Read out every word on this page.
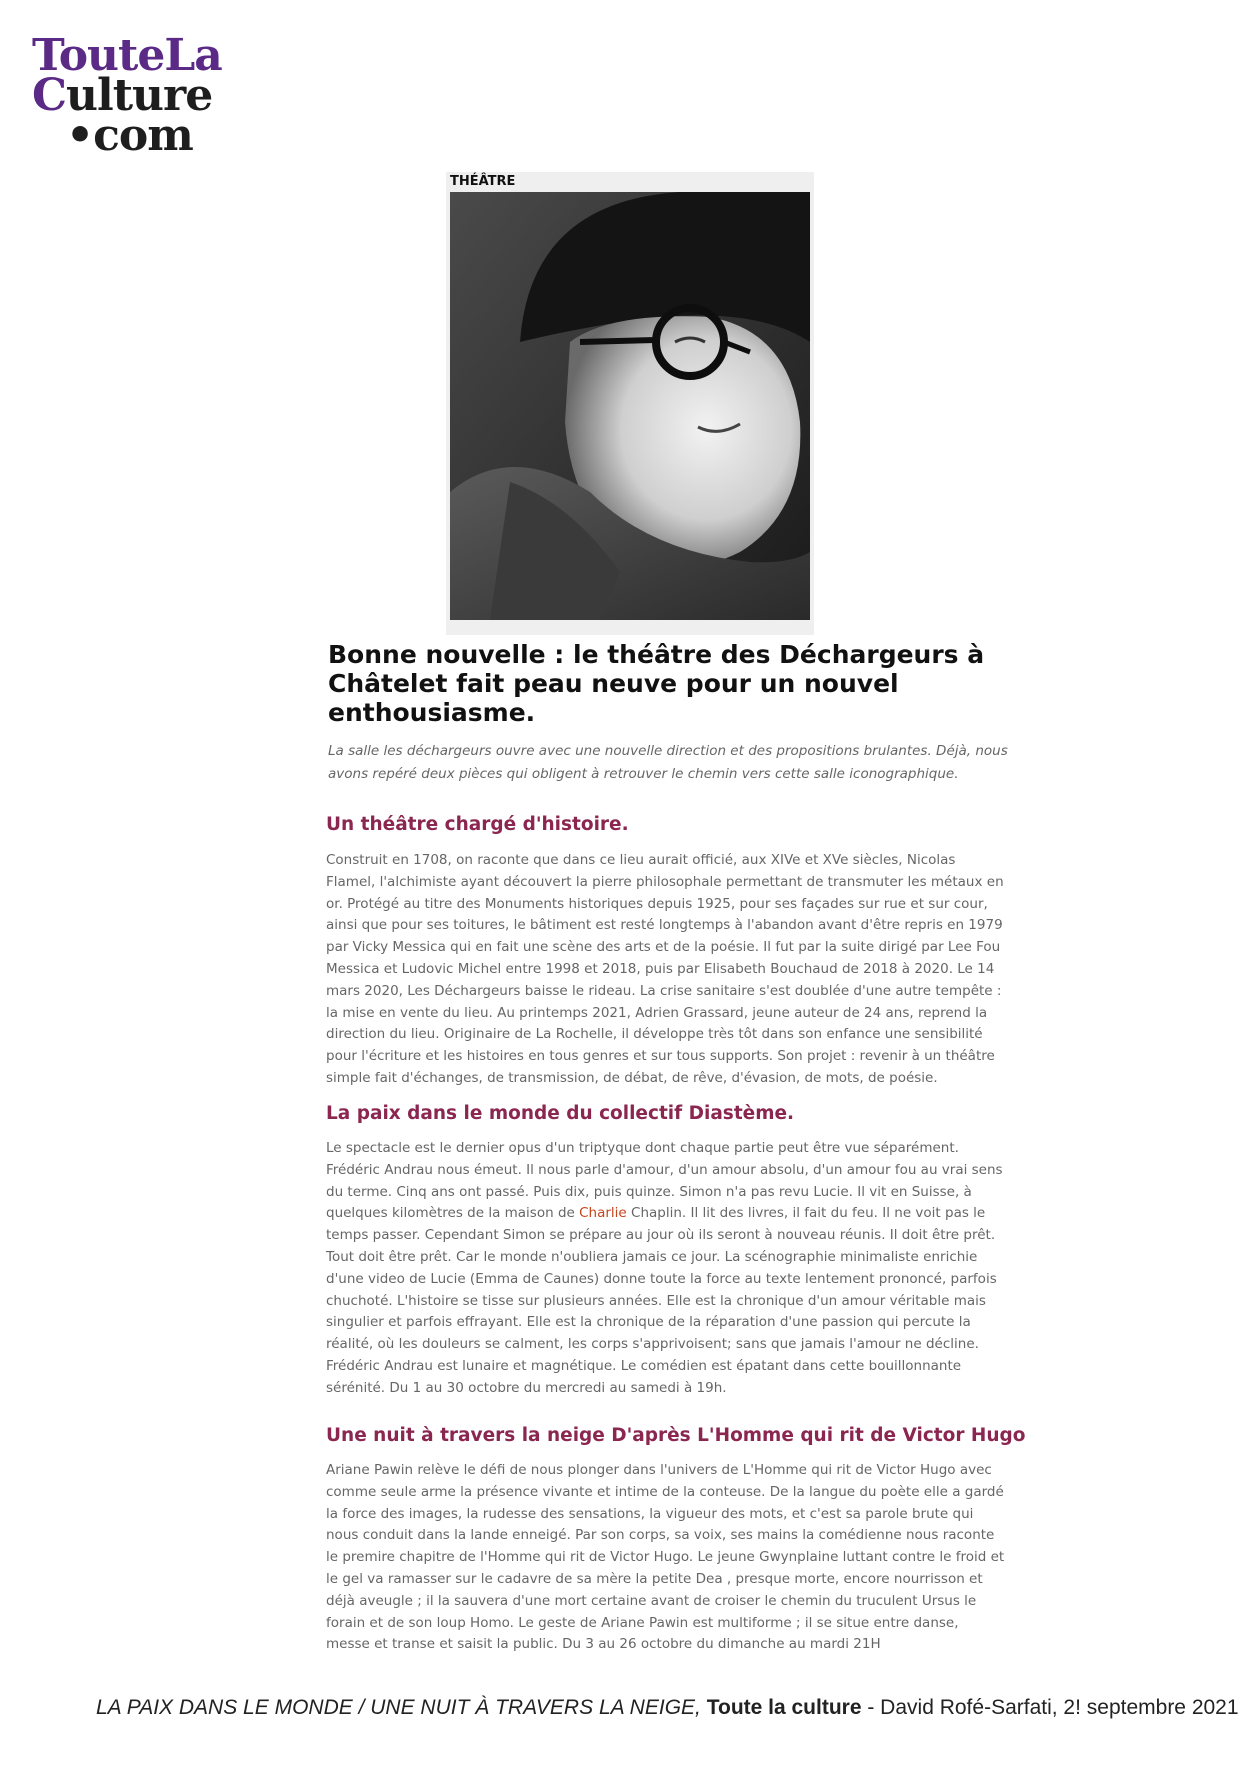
TouteLa
Culture
•com
THÉÂTRE
Bonne nouvelle : le théâtre des Déchargeurs à Châtelet fait peau neuve pour un nouvel enthousiasme.

La salle les déchargeurs ouvre avec une nouvelle direction et des propositions brulantes. Déjà, nous avons repéré deux pièces qui obligent à retrouver le chemin vers cette salle iconographique.

Un théâtre chargé d'histoire.

Construit en 1708, on raconte que dans ce lieu aurait officié, aux XIVe et XVe siècles, Nicolas Flamel, l'alchimiste ayant découvert la pierre philosophale permettant de transmuter les métaux en or. Protégé au titre des Monuments historiques depuis 1925, pour ses façades sur rue et sur cour, ainsi que pour ses toitures, le bâtiment est resté longtemps à l'abandon avant d'être repris en 1979 par Vicky Messica qui en fait une scène des arts et de la poésie. Il fut par la suite dirigé par Lee Fou Messica et Ludovic Michel entre 1998 et 2018, puis par Elisabeth Bouchaud de 2018 à 2020. Le 14 mars 2020, Les Déchargeurs baisse le rideau. La crise sanitaire s'est doublée d'une autre tempête : la mise en vente du lieu. Au printemps 2021, Adrien Grassard, jeune auteur de 24 ans, reprend la direction du lieu. Originaire de La Rochelle, il développe très tôt dans son enfance une sensibilité pour l'écriture et les histoires en tous genres et sur tous supports. Son projet : revenir à un théâtre simple fait d'échanges, de transmission, de débat, de rêve, d'évasion, de mots, de poésie.

La paix dans le monde du collectif Diastème.

Le spectacle est le dernier opus d'un triptyque dont chaque partie peut être vue séparément. Frédéric Andrau nous émeut. Il nous parle d'amour, d'un amour absolu, d'un amour fou au vrai sens du terme. Cinq ans ont passé. Puis dix, puis quinze. Simon n'a pas revu Lucie. Il vit en Suisse, à quelques kilomètres de la maison de Charlie Chaplin. Il lit des livres, il fait du feu. Il ne voit pas le temps passer. Cependant Simon se prépare au jour où ils seront à nouveau réunis. Il doit être prêt. Tout doit être prêt. Car le monde n'oubliera jamais ce jour. La scénographie minimaliste enrichie d'une video de Lucie (Emma de Caunes) donne toute la force au texte lentement prononcé, parfois chuchoté. L'histoire se tisse sur plusieurs années. Elle est la chronique d'un amour véritable mais singulier et parfois effrayant. Elle est la chronique de la réparation d'une passion qui percute la réalité, où les douleurs se calment, les corps s'apprivoisent; sans que jamais l'amour ne décline. Frédéric Andrau est lunaire et magnétique. Le comédien est épatant dans cette bouillonnante sérénité. Du 1 au 30 octobre du mercredi au samedi à 19h.

Une nuit à travers la neige D'après L'Homme qui rit de Victor Hugo

Ariane Pawin relève le défi de nous plonger dans l'univers de L'Homme qui rit de Victor Hugo avec comme seule arme la présence vivante et intime de la conteuse. De la langue du poète elle a gardé la force des images, la rudesse des sensations, la vigueur des mots, et c'est sa parole brute qui nous conduit dans la lande enneigé. Par son corps, sa voix, ses mains la comédienne nous raconte le premire chapitre de l'Homme qui rit de Victor Hugo. Le jeune Gwynplaine luttant contre le froid et le gel va ramasser sur le cadavre de sa mère la petite Dea , presque morte, encore nourrisson et déjà aveugle ; il la sauvera d'une mort certaine avant de croiser le chemin du truculent Ursus le forain et de son loup Homo. Le geste de Ariane Pawin est multiforme ; il se situe entre danse, messe et transe et saisit la public. Du 3 au 26 octobre du dimanche au mardi 21H

LA PAIX DANS LE MONDE / UNE NUIT À TRAVERS LA NEIGE, Toute la culture - David Rofé-Sarfati, 2! septembre 2021
